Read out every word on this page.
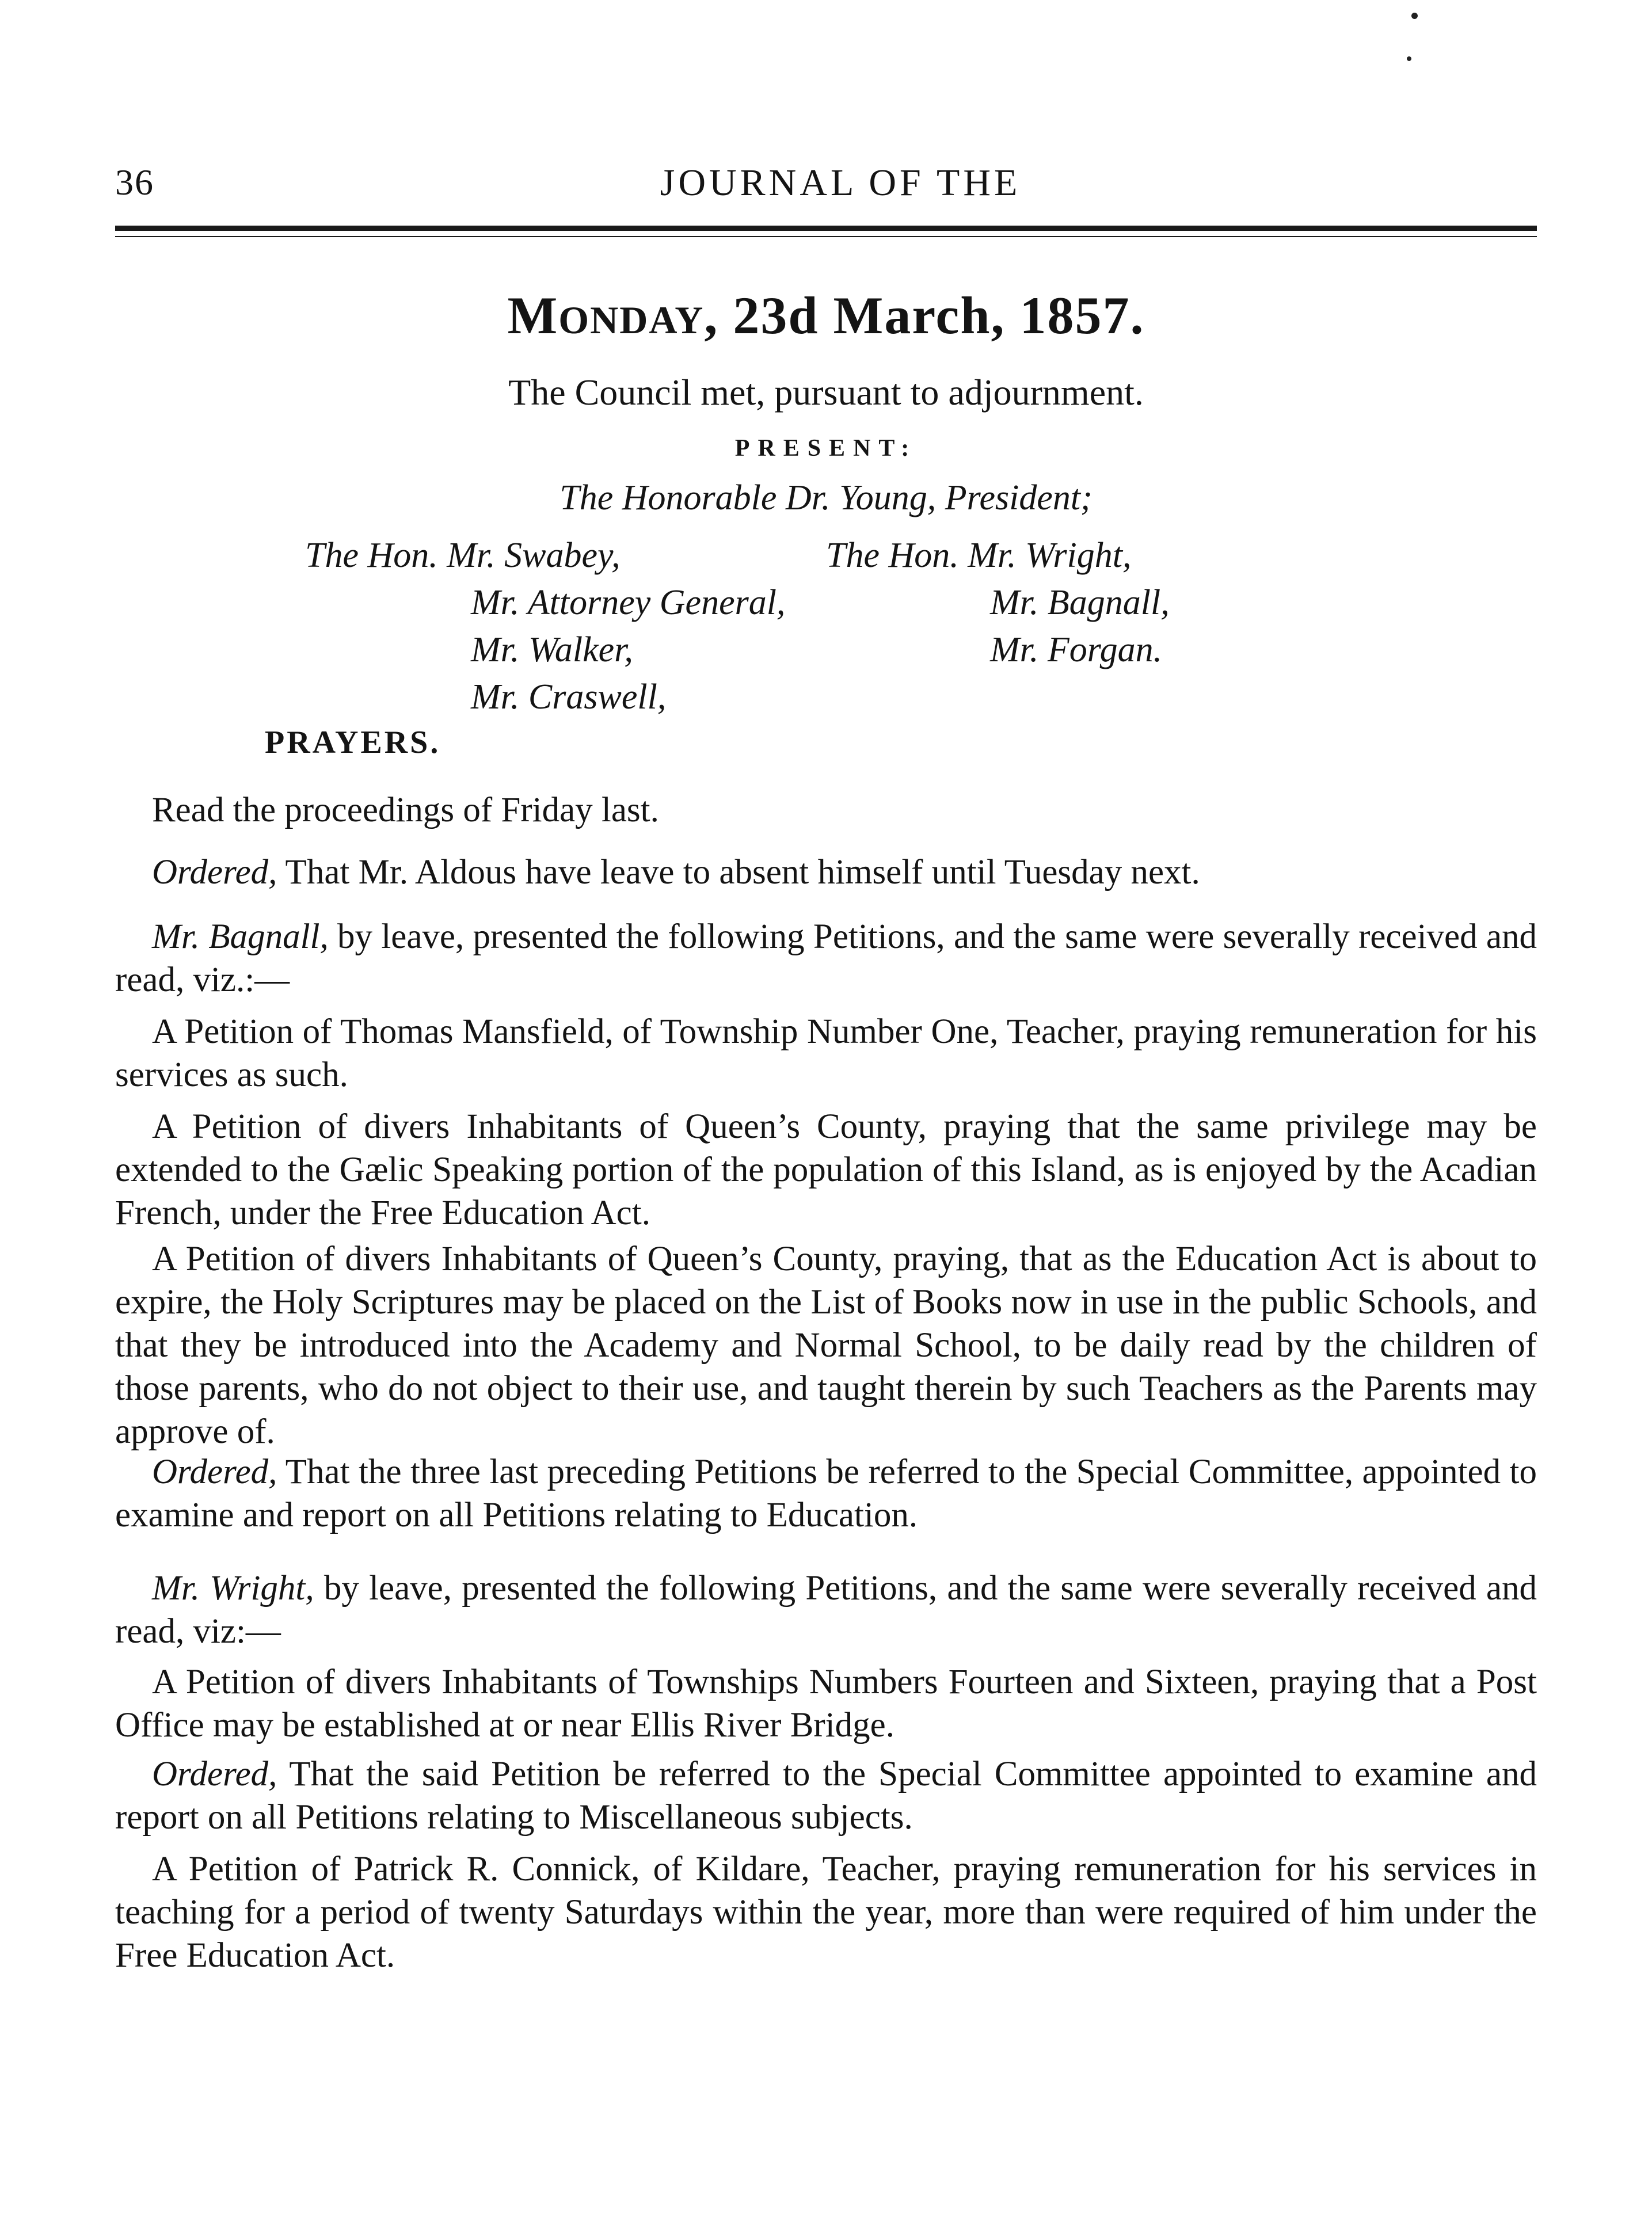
36	JOURNAL OF THE
MONDAY, 23d March, 1857.
The Council met, pursuant to adjournment.
PRESENT:
The Honorable Dr. Young, President;
The Hon. Mr. Swabey,
Mr. Attorney General,
Mr. Walker,
Mr. Craswell,
The Hon. Mr. Wright,
Mr. Bagnall,
Mr. Forgan.
PRAYERS.

Read the proceedings of Friday last.

Ordered, That Mr. Aldous have leave to absent himself until Tuesday next.

Mr. Bagnall, by leave, presented the following Petitions, and the same were severally received and read, viz.:—

A Petition of Thomas Mansfield, of Township Number One, Teacher, praying remuneration for his services as such.

A Petition of divers Inhabitants of Queen’s County, praying that the same privilege may be extended to the Gælic Speaking portion of the population of this Island, as is enjoyed by the Acadian French, under the Free Education Act.

A Petition of divers Inhabitants of Queen’s County, praying, that as the Education Act is about to expire, the Holy Scriptures may be placed on the List of Books now in use in the public Schools, and that they be introduced into the Academy and Normal School, to be daily read by the children of those parents, who do not object to their use, and taught therein by such Teachers as the Parents may approve of.

Ordered, That the three last preceding Petitions be referred to the Special Committee, appointed to examine and report on all Petitions relating to Education.

Mr. Wright, by leave, presented the following Petitions, and the same were severally received and read, viz:—

A Petition of divers Inhabitants of Townships Numbers Fourteen and Sixteen, praying that a Post Office may be established at or near Ellis River Bridge.

Ordered, That the said Petition be referred to the Special Committee appointed to examine and report on all Petitions relating to Miscellaneous subjects.

A Petition of Patrick R. Connick, of Kildare, Teacher, praying remuneration for his services in teaching for a period of twenty Saturdays within the year, more than were required of him under the Free Education Act.
